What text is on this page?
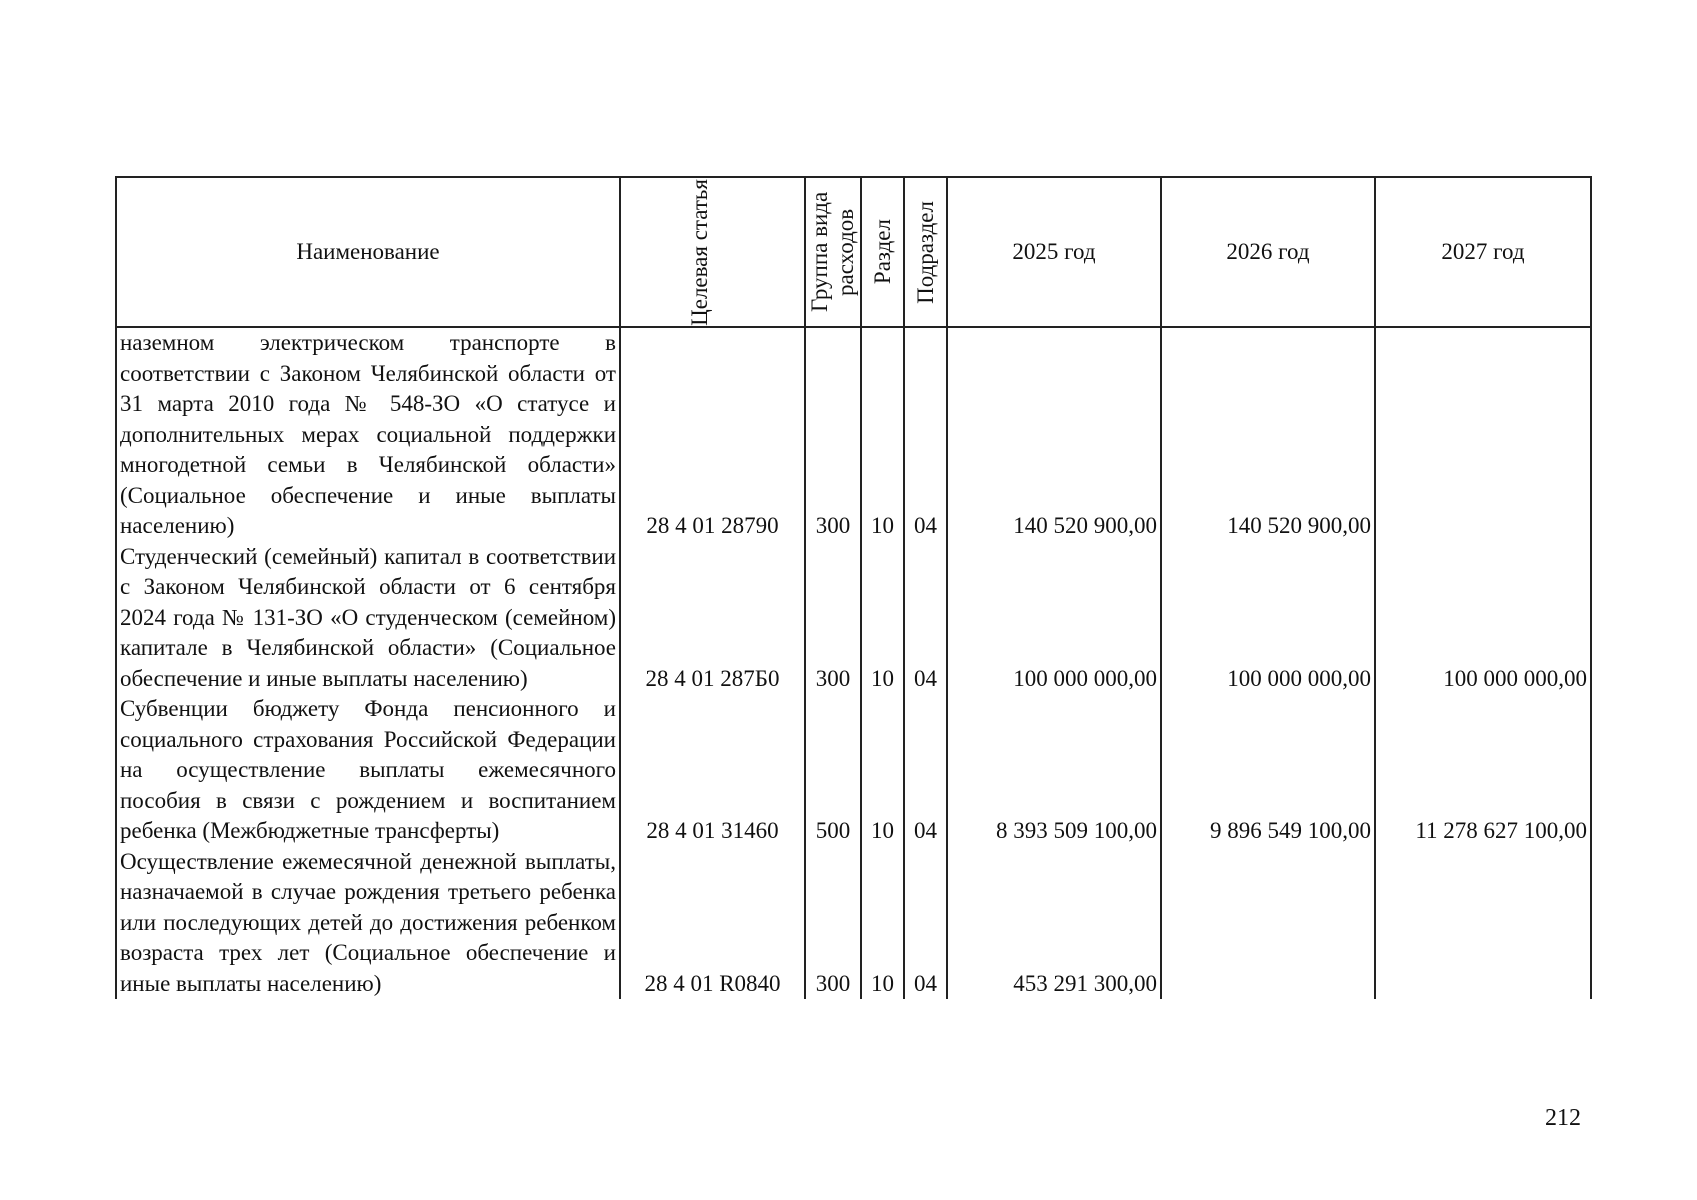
Наименование	Целевая статья	Группа вида расходов	Раздел	Подраздел	2025 год	2026 год	2027 год
наземном электрическом транспорте в соответствии с Законом Челябинской области от 31 марта 2010 года № 548-ЗО «О статусе и дополнительных мерах социальной поддержки многодетной семьи в Челябинской области» (Социальное обеспечение и иные выплаты населению)	28 4 01 28790	300	10	04	140 520 900,00	140 520 900,00	
Студенческий (семейный) капитал в соответствии с Законом Челябинской области от 6 сентября 2024 года № 131-ЗО «О студенческом (семейном) капитале в Челябинской области» (Социальное обеспечение и иные выплаты населению)	28 4 01 287Б0	300	10	04	100 000 000,00	100 000 000,00	100 000 000,00
Субвенции бюджету Фонда пенсионного и социального страхования Российской Федерации на осуществление выплаты ежемесячного пособия в связи с рождением и воспитанием ребенка (Межбюджетные трансферты)	28 4 01 31460	500	10	04	8 393 509 100,00	9 896 549 100,00	11 278 627 100,00
Осуществление ежемесячной денежной выплаты, назначаемой в случае рождения третьего ребенка или последующих детей до достижения ребенком возраста трех лет (Социальное обеспечение и иные выплаты населению)	28 4 01 R0840	300	10	04	453 291 300,00		
212
